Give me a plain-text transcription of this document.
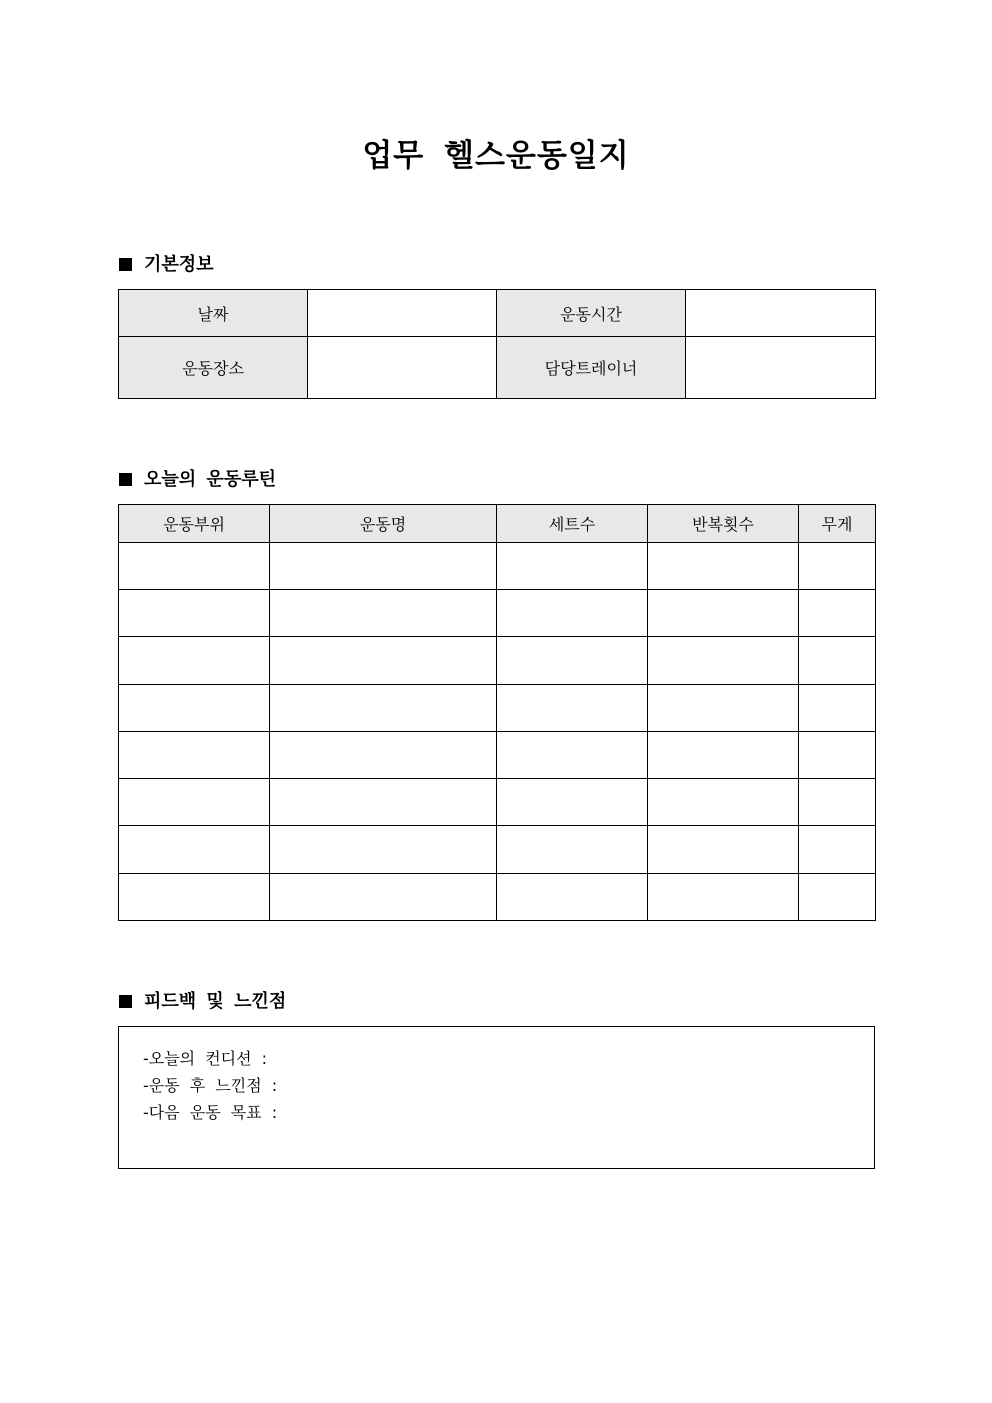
업무 헬스운동일지
기본정보
날짜		운동시간	
운동장소		담당트레이너	
오늘의 운동루틴
운동부위	운동명	세트수	반복횟수	무게

피드백 및 느낀점
-오늘의 컨디션 :
-운동 후 느낀점 :
-다음 운동 목표 :
